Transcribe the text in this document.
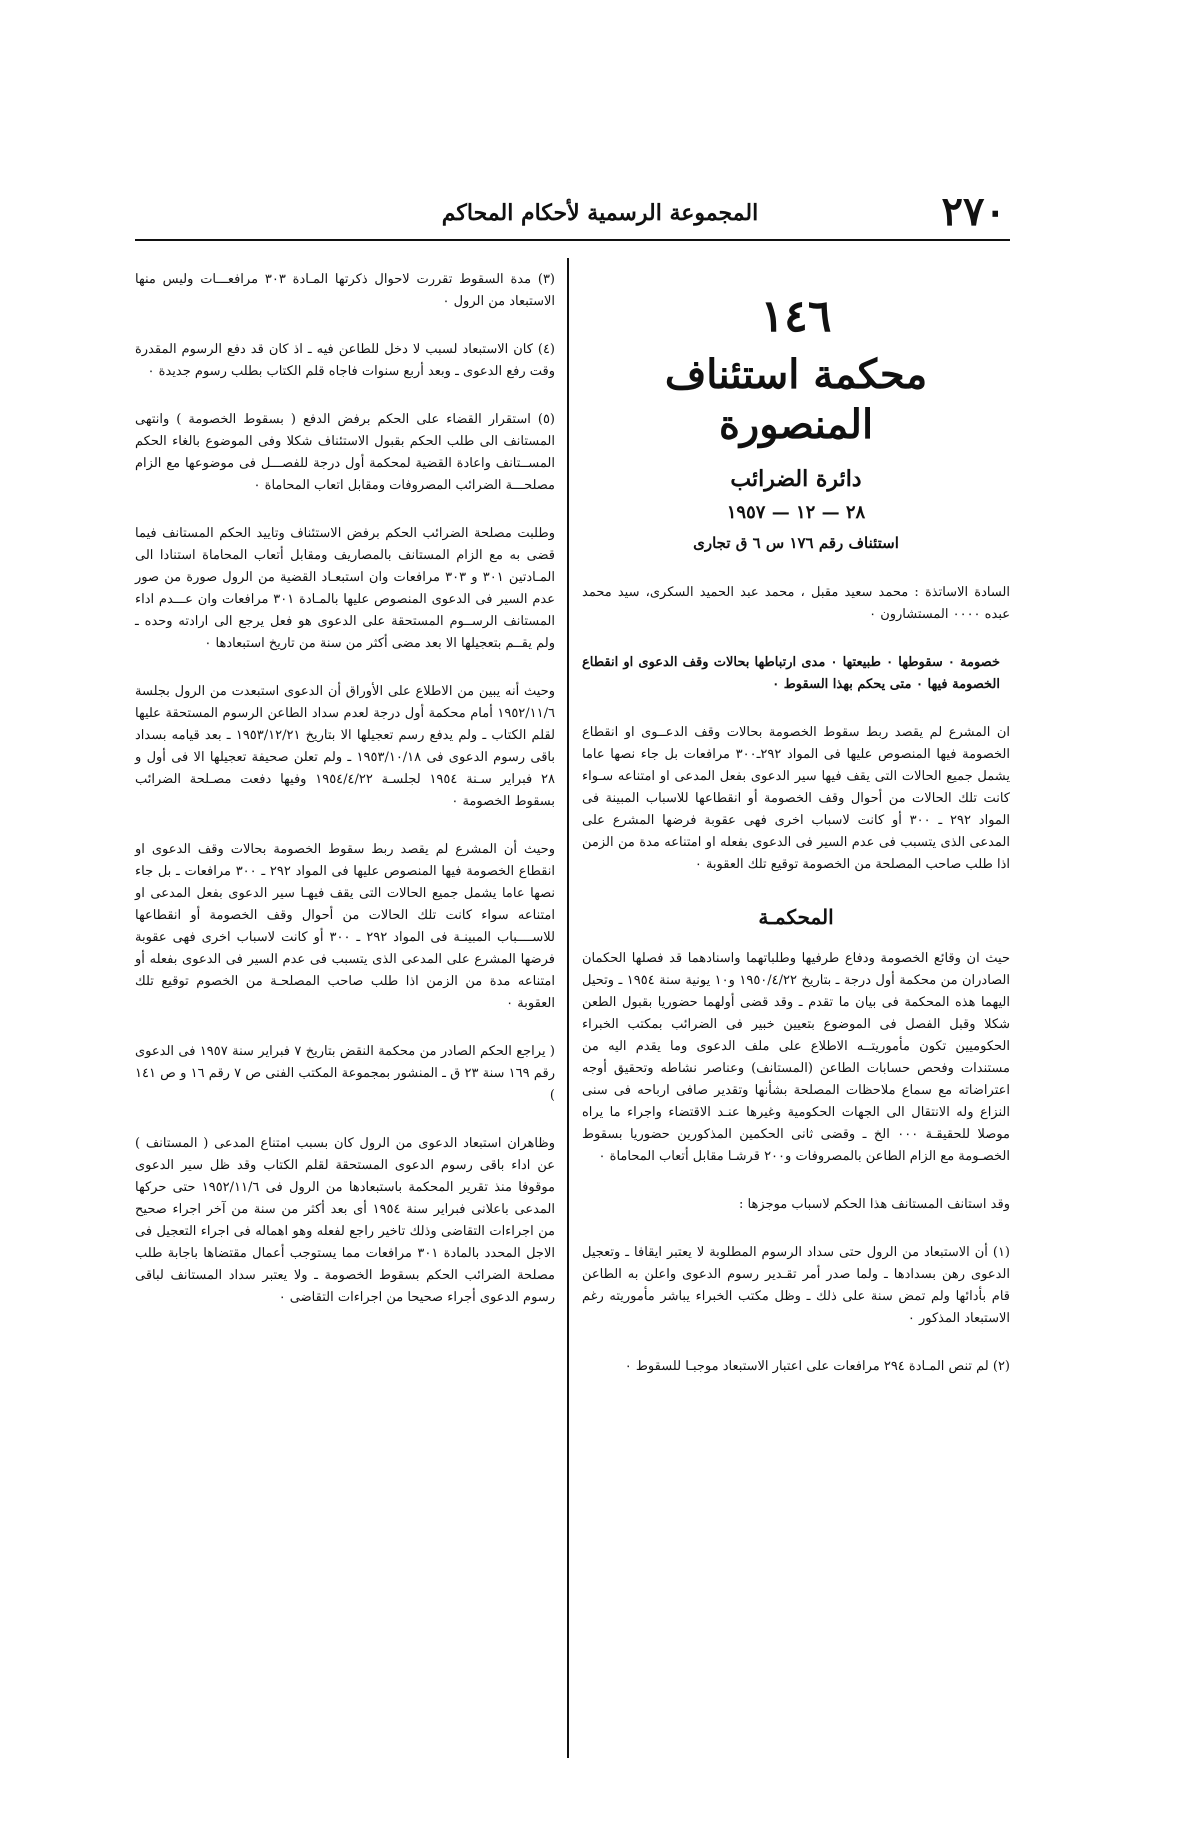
٢٧٠
المجموعة الرسمية لأحكام المحاكم
١٤٦
محكمة استئناف المنصورة
دائرة الضرائب
٢٨ — ١٢ — ١٩٥٧
استئناف رقم ١٧٦ س ٦ ق تجارى

السادة الاساتذة : محمد سعيد مقبل ، محمد عبد الحميد السكرى، سيد محمد عبده ٠٠٠٠ المستشارون ٠

خصومة ٠ سقوطها ٠ طبيعتها ٠ مدى ارتباطها بحالات وقف الدعوى او انقطاع الخصومة فيها ٠ متى يحكم بهذا السقوط ٠

ان المشرع لم يقصد ربط سقوط الخصومة بحالات وقف الدعــوى او انقطاع الخصومة فيها المنصوص عليها فى المواد ٢٩٢ـ٣٠٠ مرافعات بل جاء نصها عاما يشمل جميع الحالات التى يقف فيها سير الدعوى بفعل المدعى او امتناعه سـواء كانت تلك الحالات من أحوال وقف الخصومة أو انقطاعها للاسباب المبينة فى المواد ٢٩٢ ـ ٣٠٠ أو كانت لاسباب اخرى فهى عقوبة فرضها المشرع على المدعى الذى يتسبب فى عدم السير فى الدعوى بفعله او امتناعه مدة من الزمن اذا طلب صاحب المصلحة من الخصومة توقيع تلك العقوبة ٠

المحكمـة

حيث ان وقائع الخصومة ودفاع طرفيها وطلباتهما واسنادهما قد فصلها الحكمان الصادران من محكمة أول درجة ـ بتاريخ ١٩٥٠/٤/٢٢ و١٠ يونية سنة ١٩٥٤ ـ وتحيل اليهما هذه المحكمة فى بيان ما تقدم ـ وقد قضى أولهما حضوريا بقبول الطعن شكلا وقبل الفصل فى الموضوع بتعيين خبير فى الضرائب بمكتب الخبراء الحكوميين تكون مأموريتــه الاطلاع على ملف الدعوى وما يقدم اليه من مستندات وفحص حسابات الطاعن (المستانف) وعناصر نشاطه وتحقيق أوجه اعتراضاته مع سماع ملاحظات المصلحة بشأنها وتقدير صافى ارباحه فى سنى النزاع وله الانتقال الى الجهات الحكومية وغيرها عنـد الاقتضاء واجراء ما يراه موصلا للحقيقـة ٠٠٠ الخ ـ وقضى ثانى الحكمين المذكورين حضوريا بسقوط الخصـومة مع الزام الطاعن بالمصروفات و٢٠٠ قرشـا مقابل أتعاب المحاماة ٠

وقد استانف المستانف هذا الحكم لاسباب موجزها :

(١) أن الاستبعاد من الرول حتى سداد الرسوم المطلوبة لا يعتبر ايقافا ـ وتعجيل الدعوى رهن بسدادها ـ ولما صدر أمر تقـدير رسوم الدعوى واعلن به الطاعن قام بأدائها ولم تمض سنة على ذلك ـ وظل مكتب الخبراء يباشر مأموريته رغم الاستبعاد المذكور ٠

(٢) لم تنص المـادة ٢٩٤ مرافعات على اعتبار الاستبعاد موجبـا للسقوط ٠

(٣) مدة السقوط تقررت لاحوال ذكرتها المـادة ٣٠٣ مرافعـــات وليس منها الاستبعاد من الرول ٠

(٤) كان الاستبعاد لسبب لا دخل للطاعن فيه ـ اذ كان قد دفع الرسوم المقدرة وقت رفع الدعوى ـ وبعد أربع سنوات فاجاه قلم الكتاب بطلب رسوم جديدة ٠

(٥) استقرار القضاء على الحكم برفض الدفع ( بسقوط الخصومة ) وانتهى المستانف الى طلب الحكم بقبول الاستئناف شكلا وفى الموضوع بالغاء الحكم المســتانف واعادة القضية لمحكمة أول درجة للفصـــل فى موضوعها مع الزام مصلحـــة الضرائب المصروفات ومقابل اتعاب المحاماة ٠

وطلبت مصلحة الضرائب الحكم برفض الاستئناف وتاييد الحكم المستانف فيما قضى به مع الزام المستانف بالمصاريف ومقابل أتعاب المحاماة استنادا الى المـادتين ٣٠١ و ٣٠٣ مرافعات وان استبعـاد القضية من الرول صورة من صور عدم السير فى الدعوى المنصوص عليها بالمـادة ٣٠١ مرافعات وان عـــدم اداء المستانف الرســوم المستحقة على الدعوى هو فعل يرجع الى ارادته وحده ـ ولم يقــم بتعجيلها الا بعد مضى أكثر من سنة من تاريخ استبعادها ٠

وحيث أنه يبين من الاطلاع على الأوراق أن الدعوى استبعدت من الرول بجلسة ١٩٥٢/١١/٦ أمام محكمة أول درجة لعدم سداد الطاعن الرسوم المستحقة عليها لقلم الكتاب ـ ولم يدفع رسم تعجيلها الا بتاريخ ١٩٥٣/١٢/٢١ ـ بعد قيامه بسداد باقى رسوم الدعوى فى ١٩٥٣/١٠/١٨ ـ ولم تعلن صحيفة تعجيلها الا فى أول و ٢٨ فبراير سـنة ١٩٥٤ لجلسـة ١٩٥٤/٤/٢٢ وفيها دفعت مصـلحة الضرائب بسقوط الخصومة ٠

وحيث أن المشرع لم يقصد ربط سقوط الخصومة بحالات وقف الدعوى او انقطاع الخصومة فيها المنصوص عليها فى المواد ٢٩٢ ـ ٣٠٠ مرافعات ـ بل جاء نصها عاما يشمل جميع الحالات التى يقف فيهـا سير الدعوى بفعل المدعى او امتناعه سواء كانت تلك الحالات من أحوال وقف الخصومة أو انقطاعها للاســــباب المبينـة فى المواد ٢٩٢ ـ ٣٠٠ أو كانت لاسباب اخرى فهى عقوبة فرضها المشرع على المدعى الذى يتسبب فى عدم السير فى الدعوى بفعله أو امتناعه مدة من الزمن اذا طلب صاحب المصلحـة من الخصوم توقيع تلك العقوبة ٠

( يراجع الحكم الصادر من محكمة النقض بتاريخ ٧ فبراير سنة ١٩٥٧ فى الدعوى رقم ١٦٩ سنة ٢٣ ق ـ المنشور بمجموعة المكتب الفنى ص ٧ رقم ١٦ و ص ١٤١ )

وظاهران استبعاد الدعوى من الرول كان بسبب امتناع المدعى ( المستانف ) عن اداء باقى رسوم الدعوى المستحقة لقلم الكتاب وقد ظل سير الدعوى موقوفا منذ تقرير المحكمة باستبعادها من الرول فى ١٩٥٢/١١/٦ حتى حركها المدعى باعلانى فبراير سنة ١٩٥٤ أى بعد أكثر من سنة من آخر اجراء صحيح من اجراءات التقاضى وذلك تاخير راجع لفعله وهو اهماله فى اجراء التعجيل فى الاجل المحدد بالمادة ٣٠١ مرافعات مما يستوجب أعمال مقتضاها باجابة طلب مصلحة الضرائب الحكم بسقوط الخصومة ـ ولا يعتبر سداد المستانف لباقى رسوم الدعوى أجراء صحيحا من اجراءات التقاضى ٠
